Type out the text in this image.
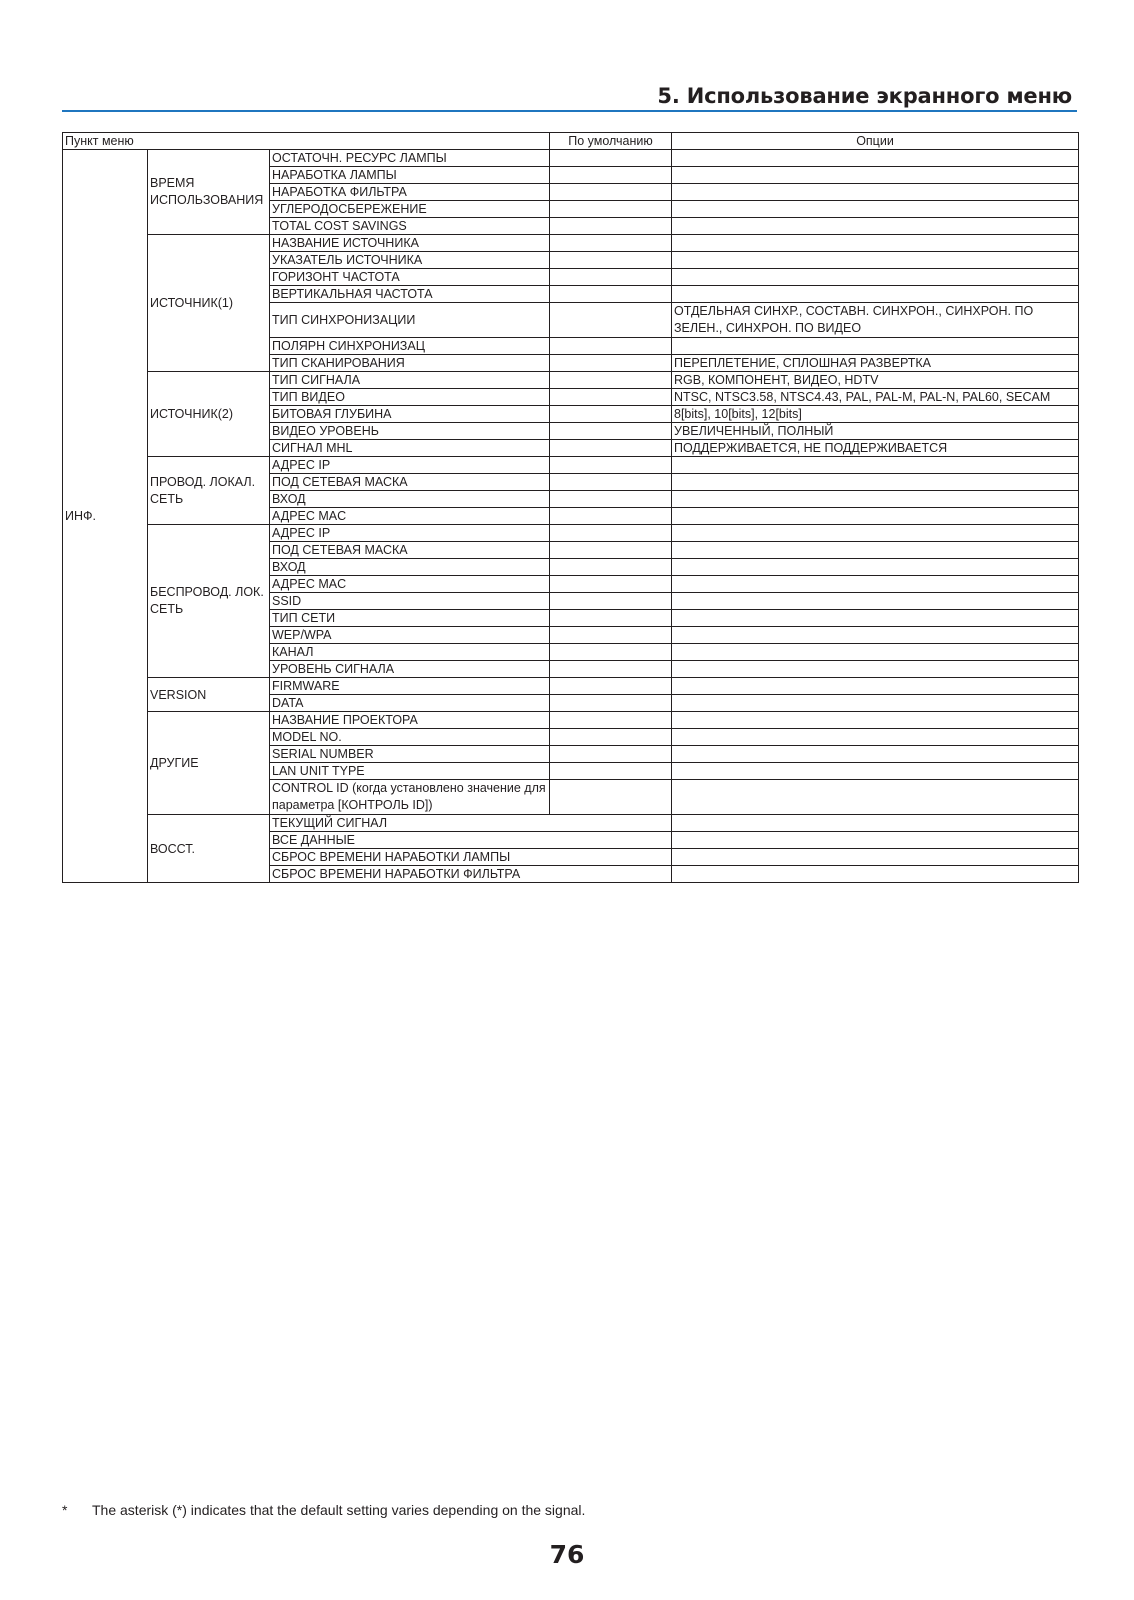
5. Использование экранного меню
Пункт меню			По умолчанию	Опции	
ИНФ.	ВРЕМЯ ИСПОЛЬЗОВАНИЯ	ОСТАТОЧН. РЕСУРС ЛАМПЫ			
		НАРАБОТКА ЛАМПЫ			
		НАРАБОТКА ФИЛЬТРА			
		УГЛЕРОДОСБЕРЕЖЕНИЕ			
		TOTAL COST SAVINGS			
	ИСТОЧНИК(1)	НАЗВАНИЕ ИСТОЧНИКА			
		УКАЗАТЕЛЬ ИСТОЧНИКА			
		ГОРИЗОНТ ЧАСТОТА			
		ВЕРТИКАЛЬНАЯ ЧАСТОТА			
		ТИП СИНХРОНИЗАЦИИ		ОТДЕЛЬНАЯ СИНХР., СОСТАВН. СИНХРОН., СИНХРОН. ПО ЗЕЛЕН., СИНХРОН. ПО ВИДЕО	
		ПОЛЯРН СИНХРОНИЗАЦ			
		ТИП СКАНИРОВАНИЯ		ПЕРЕПЛЕТЕНИЕ, СПЛОШНАЯ РАЗВЕРТКА	
	ИСТОЧНИК(2)	ТИП СИГНАЛА		RGB, КОМПОНЕНТ, ВИДЕО, HDTV	
		ТИП ВИДЕО		NTSC, NTSC3.58, NTSC4.43, PAL, PAL-M, PAL-N, PAL60, SECAM	
		БИТОВАЯ ГЛУБИНА		8[bits], 10[bits], 12[bits]	
		ВИДЕО УРОВЕНЬ		УВЕЛИЧЕННЫЙ, ПОЛНЫЙ	
		СИГНАЛ MHL		ПОДДЕРЖИВАЕТСЯ, НЕ ПОДДЕРЖИВАЕТСЯ	
	ПРОВОД. ЛОКАЛ. СЕТЬ	АДРЕС IP			
		ПОД СЕТЕВАЯ МАСКА			
		ВХОД			
		АДРЕС MAC			
	БЕСПРОВОД. ЛОК. СЕТЬ	АДРЕС IP			
		ПОД СЕТЕВАЯ МАСКА			
		ВХОД			
		АДРЕС MAC			
		SSID			
		ТИП СЕТИ			
		WEP/WPA			
		КАНАЛ			
		УРОВЕНЬ СИГНАЛА			
	VERSION	FIRMWARE			
		DATA			
	ДРУГИЕ	НАЗВАНИЕ ПРОЕКТОРА			
		MODEL NO.			
		SERIAL NUMBER			
		LAN UNIT TYPE			
		CONTROL ID (когда установлено значение для параметра [КОНТРОЛЬ ID])			
	ВОССТ.	ТЕКУЩИЙ СИГНАЛ			
		ВСЕ ДАННЫЕ			
		СБРОС ВРЕМЕНИ НАРАБОТКИ ЛАМПЫ			
		СБРОС ВРЕМЕНИ НАРАБОТКИ ФИЛЬТРА			
* The asterisk (*) indicates that the default setting varies depending on the signal.
76
